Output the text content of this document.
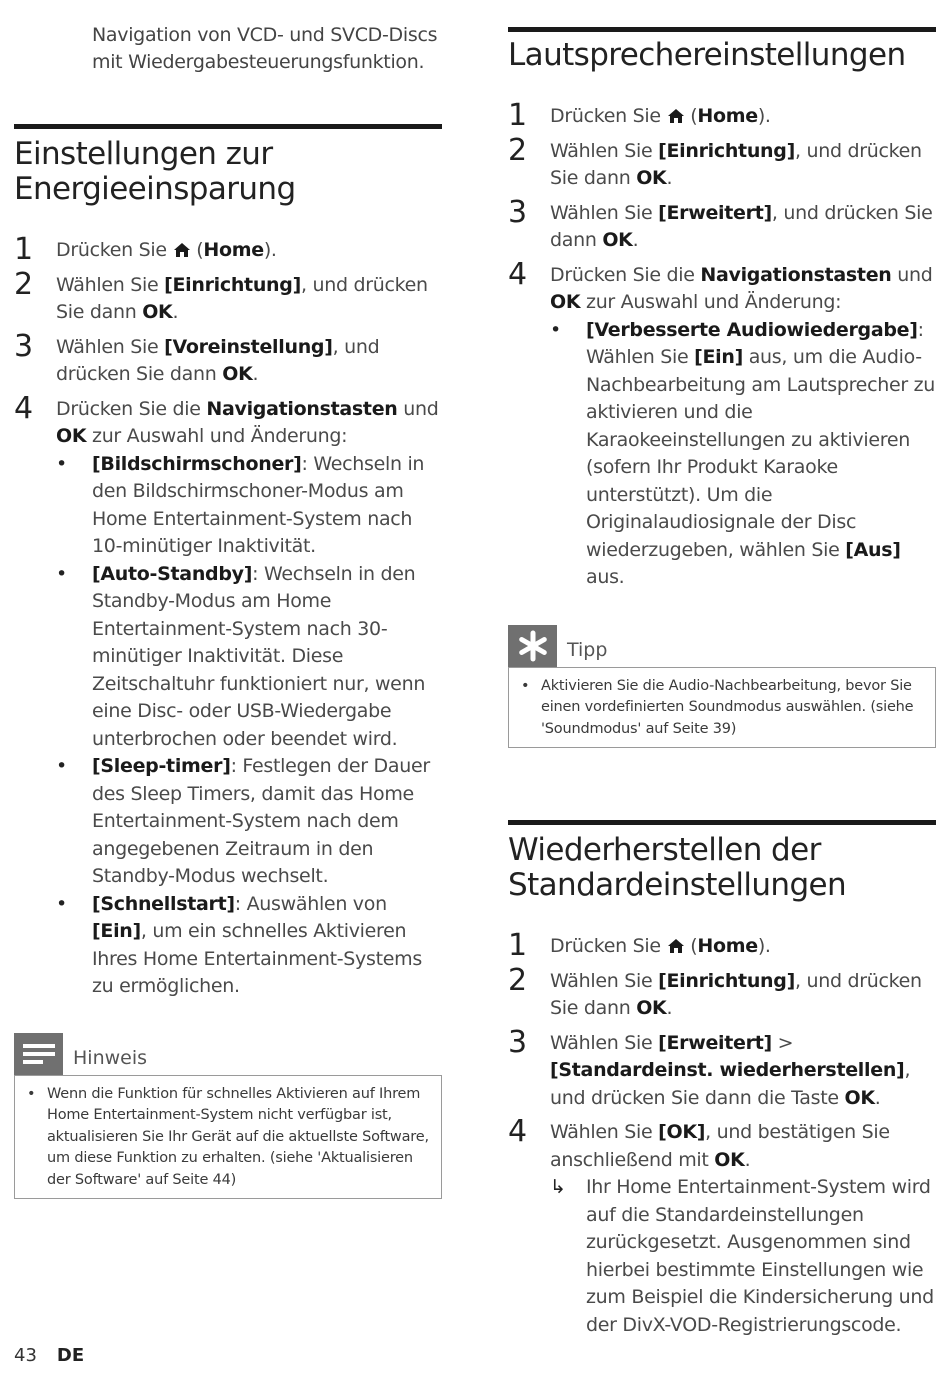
Navigation von VCD- und SVCD-Discs mit Wiedergabesteuerungsfunktion.
Einstellungen zur
Energieeinsparung
1 Drücken Sie  (Home).
2 Wählen Sie [Einrichtung], und drücken Sie dann OK.
3 Wählen Sie [Voreinstellung], und drücken Sie dann OK.
4 Drücken Sie die Navigationstasten und OK zur Auswahl und Änderung:
• [Bildschirmschoner]: Wechseln in den Bildschirmschoner-Modus am Home Entertainment-System nach 10-minütiger Inaktivität.
• [Auto-Standby]: Wechseln in den Standby-Modus am Home Entertainment-System nach 30-minütiger Inaktivität. Diese Zeitschaltuhr funktioniert nur, wenn eine Disc- oder USB-Wiedergabe unterbrochen oder beendet wird.
• [Sleep-timer]: Festlegen der Dauer des Sleep Timers, damit das Home Entertainment-System nach dem angegebenen Zeitraum in den Standby-Modus wechselt.
• [Schnellstart]: Auswählen von [Ein], um ein schnelles Aktivieren Ihres Home Entertainment-Systems zu ermöglichen.
Hinweis
• Wenn die Funktion für schnelles Aktivieren auf Ihrem Home Entertainment-System nicht verfügbar ist, aktualisieren Sie Ihr Gerät auf die aktuellste Software, um diese Funktion zu erhalten. (siehe 'Aktualisieren der Software' auf Seite 44)
Lautsprechereinstellungen
1 Drücken Sie  (Home).
2 Wählen Sie [Einrichtung], und drücken Sie dann OK.
3 Wählen Sie [Erweitert], und drücken Sie dann OK.
4 Drücken Sie die Navigationstasten und OK zur Auswahl und Änderung:
• [Verbesserte Audiowiedergabe]: Wählen Sie [Ein] aus, um die Audio-Nachbearbeitung am Lautsprecher zu aktivieren und die Karaokeeinstellungen zu aktivieren (sofern Ihr Produkt Karaoke unterstützt). Um die Originalaudiosignale der Disc wiederzugeben, wählen Sie [Aus] aus.
Tipp
• Aktivieren Sie die Audio-Nachbearbeitung, bevor Sie einen vordefinierten Soundmodus auswählen. (siehe 'Soundmodus' auf Seite 39)
Wiederherstellen der
Standardeinstellungen
1 Drücken Sie  (Home).
2 Wählen Sie [Einrichtung], und drücken Sie dann OK.
3 Wählen Sie [Erweitert] > [Standardeinst. wiederherstellen], und drücken Sie dann die Taste OK.
4 Wählen Sie [OK], und bestätigen Sie anschließend mit OK.
↳ Ihr Home Entertainment-System wird auf die Standardeinstellungen zurückgesetzt. Ausgenommen sind hierbei bestimmte Einstellungen wie zum Beispiel die Kindersicherung und der DivX-VOD-Registrierungscode.
43 DE
